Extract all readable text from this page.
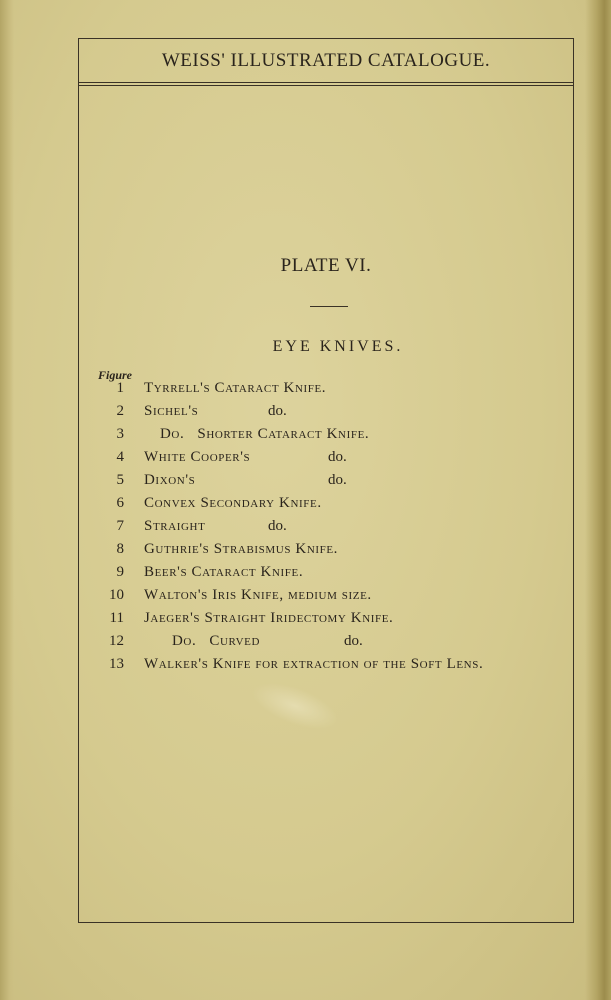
WEISS' ILLUSTRATED CATALOGUE.
PLATE VI.
EYE KNIVES.
Figure
1 Tyrrell's Cataract Knife.
2 Sichel's	do.
3 Do.   Shorter Cataract Knife.
4 White Cooper's	do.
5 Dixon's	do.
6 Convex Secondary Knife.
7 Straight	do.
8 Guthrie's Strabismus Knife.
9 Beer's Cataract Knife.
10 Walton's Iris Knife, medium size.
11 Jaeger's Straight Iridectomy Knife.
12	Do.   Curved	do.
13 Walker's Knife for extraction of the Soft Lens.
